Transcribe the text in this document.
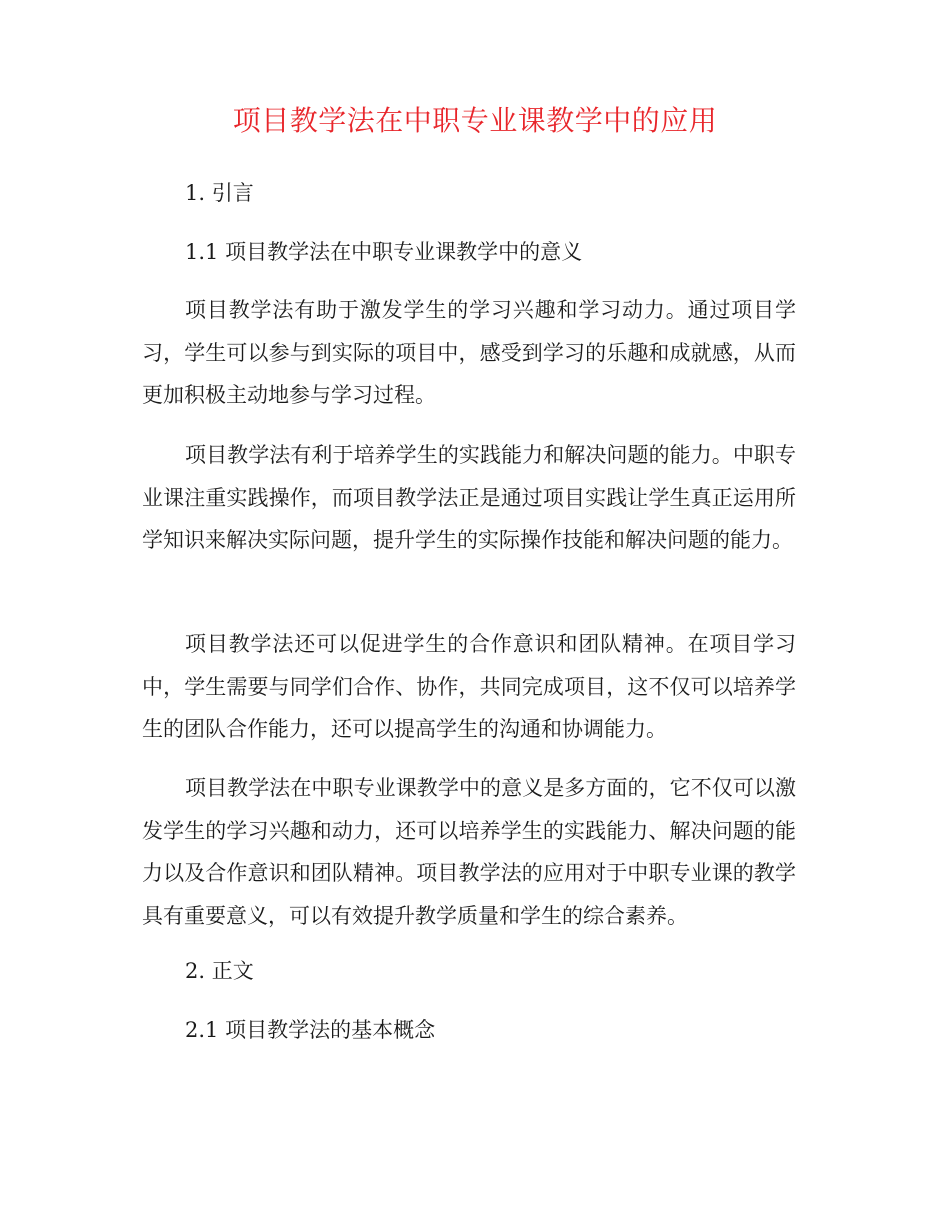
项目教学法在中职专业课教学中的应用
1. 引言
1.1 项目教学法在中职专业课教学中的意义

项目教学法有助于激发学生的学习兴趣和学习动力。通过项目学习，学生可以参与到实际的项目中，感受到学习的乐趣和成就感，从而更加积极主动地参与学习过程。

项目教学法有利于培养学生的实践能力和解决问题的能力。中职专业课注重实践操作，而项目教学法正是通过项目实践让学生真正运用所学知识来解决实际问题，提升学生的实际操作技能和解决问题的能力。

项目教学法还可以促进学生的合作意识和团队精神。在项目学习中，学生需要与同学们合作、协作，共同完成项目，这不仅可以培养学生的团队合作能力，还可以提高学生的沟通和协调能力。

项目教学法在中职专业课教学中的意义是多方面的，它不仅可以激发学生的学习兴趣和动力，还可以培养学生的实践能力、解决问题的能力以及合作意识和团队精神。项目教学法的应用对于中职专业课的教学具有重要意义，可以有效提升教学质量和学生的综合素养。

2. 正文
2.1 项目教学法的基本概念
